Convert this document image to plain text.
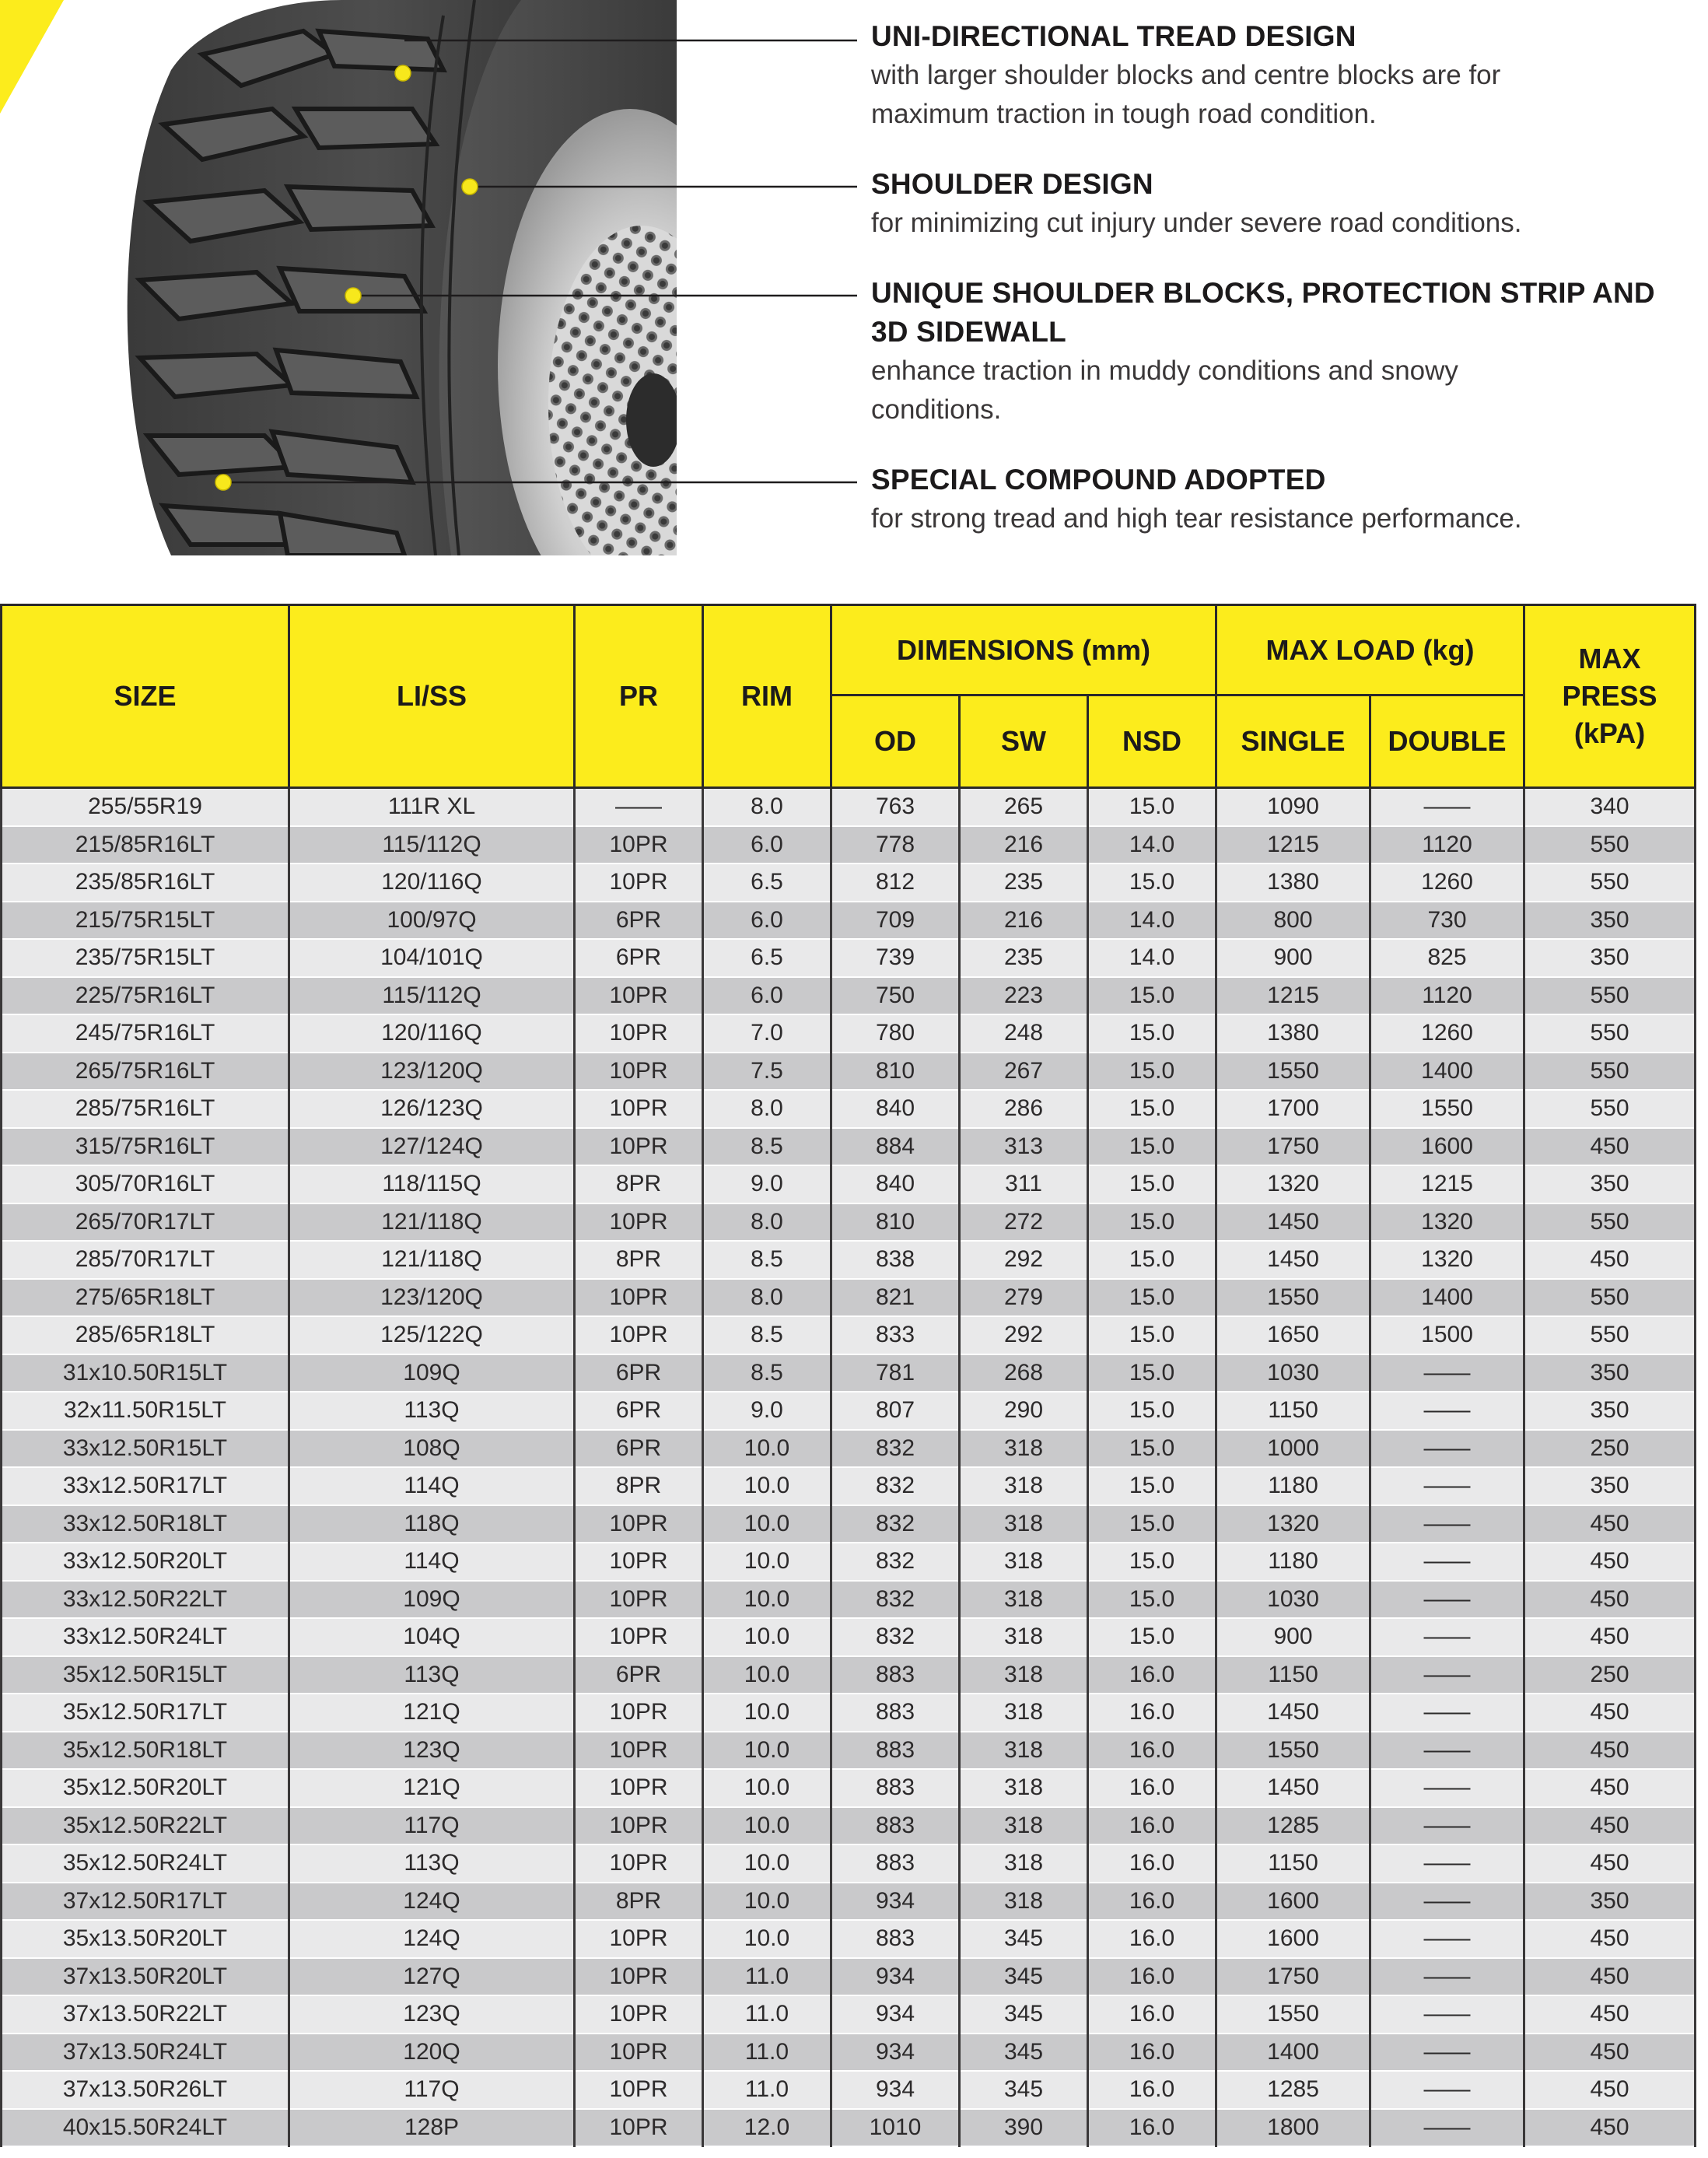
UNI-DIRECTIONAL TREAD DESIGN
with larger shoulder blocks and centre blocks are for
maximum traction in tough road condition.
SHOULDER DESIGN
for minimizing cut injury under severe road conditions.
UNIQUE SHOULDER BLOCKS, PROTECTION STRIP AND
3D SIDEWALL
enhance traction in muddy conditions and snowy
conditions.
SPECIAL COMPOUND ADOPTED
for strong tread and high tear resistance performance.
SIZE	LI/SS	PR	RIM	DIMENSIONS (mm)			MAX LOAD (kg)		MAX
PRESS
(kPA)

				OD	SW	NSD	SINGLE	DOUBLE	
255/55R19	111R XL	——	8.0	763	265	15.0	1090	——	340
215/85R16LT	115/112Q	10PR	6.0	778	216	14.0	1215	1120	550
235/85R16LT	120/116Q	10PR	6.5	812	235	15.0	1380	1260	550
215/75R15LT	100/97Q	6PR	6.0	709	216	14.0	800	730	350
235/75R15LT	104/101Q	6PR	6.5	739	235	14.0	900	825	350
225/75R16LT	115/112Q	10PR	6.0	750	223	15.0	1215	1120	550
245/75R16LT	120/116Q	10PR	7.0	780	248	15.0	1380	1260	550
265/75R16LT	123/120Q	10PR	7.5	810	267	15.0	1550	1400	550
285/75R16LT	126/123Q	10PR	8.0	840	286	15.0	1700	1550	550
315/75R16LT	127/124Q	10PR	8.5	884	313	15.0	1750	1600	450
305/70R16LT	118/115Q	8PR	9.0	840	311	15.0	1320	1215	350
265/70R17LT	121/118Q	10PR	8.0	810	272	15.0	1450	1320	550
285/70R17LT	121/118Q	8PR	8.5	838	292	15.0	1450	1320	450
275/65R18LT	123/120Q	10PR	8.0	821	279	15.0	1550	1400	550
285/65R18LT	125/122Q	10PR	8.5	833	292	15.0	1650	1500	550
31x10.50R15LT	109Q	6PR	8.5	781	268	15.0	1030	——	350
32x11.50R15LT	113Q	6PR	9.0	807	290	15.0	1150	——	350
33x12.50R15LT	108Q	6PR	10.0	832	318	15.0	1000	——	250
33x12.50R17LT	114Q	8PR	10.0	832	318	15.0	1180	——	350
33x12.50R18LT	118Q	10PR	10.0	832	318	15.0	1320	——	450
33x12.50R20LT	114Q	10PR	10.0	832	318	15.0	1180	——	450
33x12.50R22LT	109Q	10PR	10.0	832	318	15.0	1030	——	450
33x12.50R24LT	104Q	10PR	10.0	832	318	15.0	900	——	450
35x12.50R15LT	113Q	6PR	10.0	883	318	16.0	1150	——	250
35x12.50R17LT	121Q	10PR	10.0	883	318	16.0	1450	——	450
35x12.50R18LT	123Q	10PR	10.0	883	318	16.0	1550	——	450
35x12.50R20LT	121Q	10PR	10.0	883	318	16.0	1450	——	450
35x12.50R22LT	117Q	10PR	10.0	883	318	16.0	1285	——	450
35x12.50R24LT	113Q	10PR	10.0	883	318	16.0	1150	——	450
37x12.50R17LT	124Q	8PR	10.0	934	318	16.0	1600	——	350
35x13.50R20LT	124Q	10PR	10.0	883	345	16.0	1600	——	450
37x13.50R20LT	127Q	10PR	11.0	934	345	16.0	1750	——	450
37x13.50R22LT	123Q	10PR	11.0	934	345	16.0	1550	——	450
37x13.50R24LT	120Q	10PR	11.0	934	345	16.0	1400	——	450
37x13.50R26LT	117Q	10PR	11.0	934	345	16.0	1285	——	450
40x15.50R24LT	128P	10PR	12.0	1010	390	16.0	1800	——	450
